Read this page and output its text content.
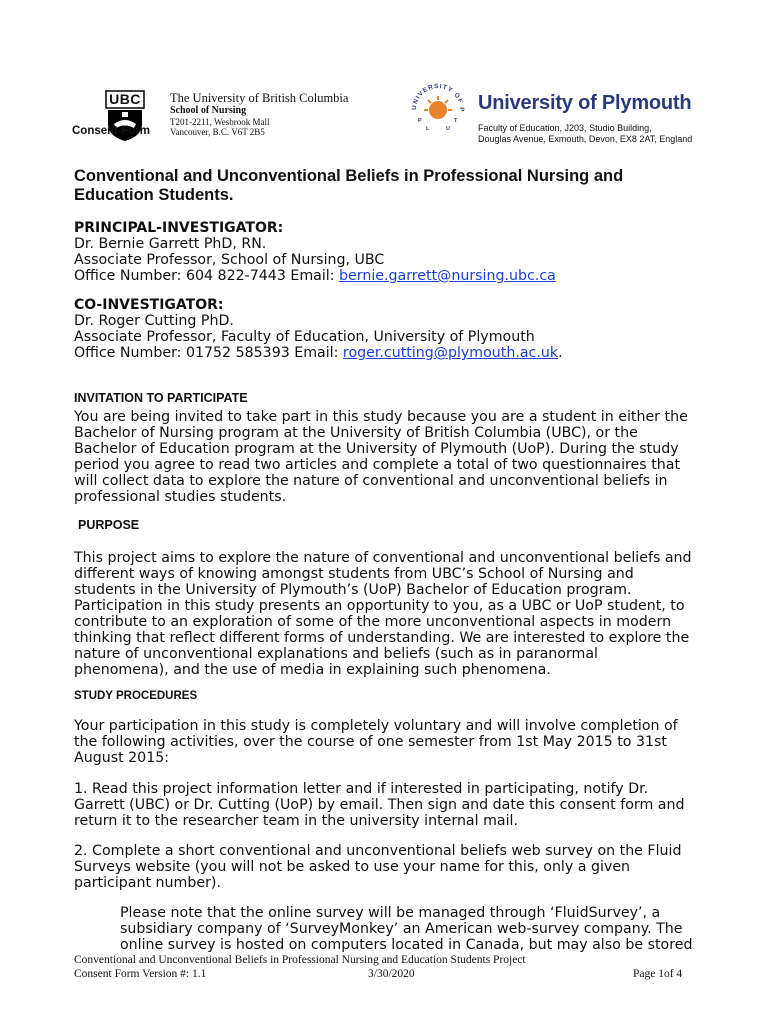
UBC
Consent Form
The University of British Columbia
School of Nursing
T201-2211, Wesbrook Mall
Vancouver, B.C. V6T 2B5
UNIVERSITY OF P
P
L	U
T
University of Plymouth
Faculty of Education, J203, Studio Building,
Douglas Avenue, Exmouth, Devon, EX8 2AT, England
Conventional and Unconventional Beliefs in Professional Nursing and
Education Students.
PRINCIPAL-INVESTIGATOR:
Dr. Bernie Garrett PhD, RN.
Associate Professor, School of Nursing, UBC
Office Number: 604 822-7443 Email: bernie.garrett@nursing.ubc.ca
CO-INVESTIGATOR:
Dr. Roger Cutting PhD.
Associate Professor, Faculty of Education, University of Plymouth
Office Number: 01752 585393 Email: roger.cutting@plymouth.ac.uk.
INVITATION TO PARTICIPATE
You are being invited to take part in this study because you are a student in either the
Bachelor of Nursing program at the University of British Columbia (UBC), or the
Bachelor of Education program at the University of Plymouth (UoP). During the study
period you agree to read two articles and complete a total of two questionnaires that
will collect data to explore the nature of conventional and unconventional beliefs in
professional studies students.
PURPOSE
This project aims to explore the nature of conventional and unconventional beliefs and
different ways of knowing amongst students from UBC’s School of Nursing and
students in the University of Plymouth’s (UoP) Bachelor of Education program.
Participation in this study presents an opportunity to you, as a UBC or UoP student, to
contribute to an exploration of some of the more unconventional aspects in modern
thinking that reflect different forms of understanding. We are interested to explore the
nature of unconventional explanations and beliefs (such as in paranormal
phenomena), and the use of media in explaining such phenomena.
STUDY PROCEDURES
Your participation in this study is completely voluntary and will involve completion of
the following activities, over the course of one semester from 1st May 2015 to 31st
August 2015:
1. Read this project information letter and if interested in participating, notify Dr.
Garrett (UBC) or Dr. Cutting (UoP) by email. Then sign and date this consent form and
return it to the researcher team in the university internal mail.
2. Complete a short conventional and unconventional beliefs web survey on the Fluid
Surveys website (you will not be asked to use your name for this, only a given
participant number).
Please note that the online survey will be managed through ‘FluidSurvey’, a
subsidiary company of ‘SurveyMonkey’ an American web-survey company. The
online survey is hosted on computers located in Canada, but may also be stored
Conventional and Unconventional Beliefs in Professional Nursing and Education Students Project
Consent Form Version #: 1.1	3/30/2020	Page 1of 4
